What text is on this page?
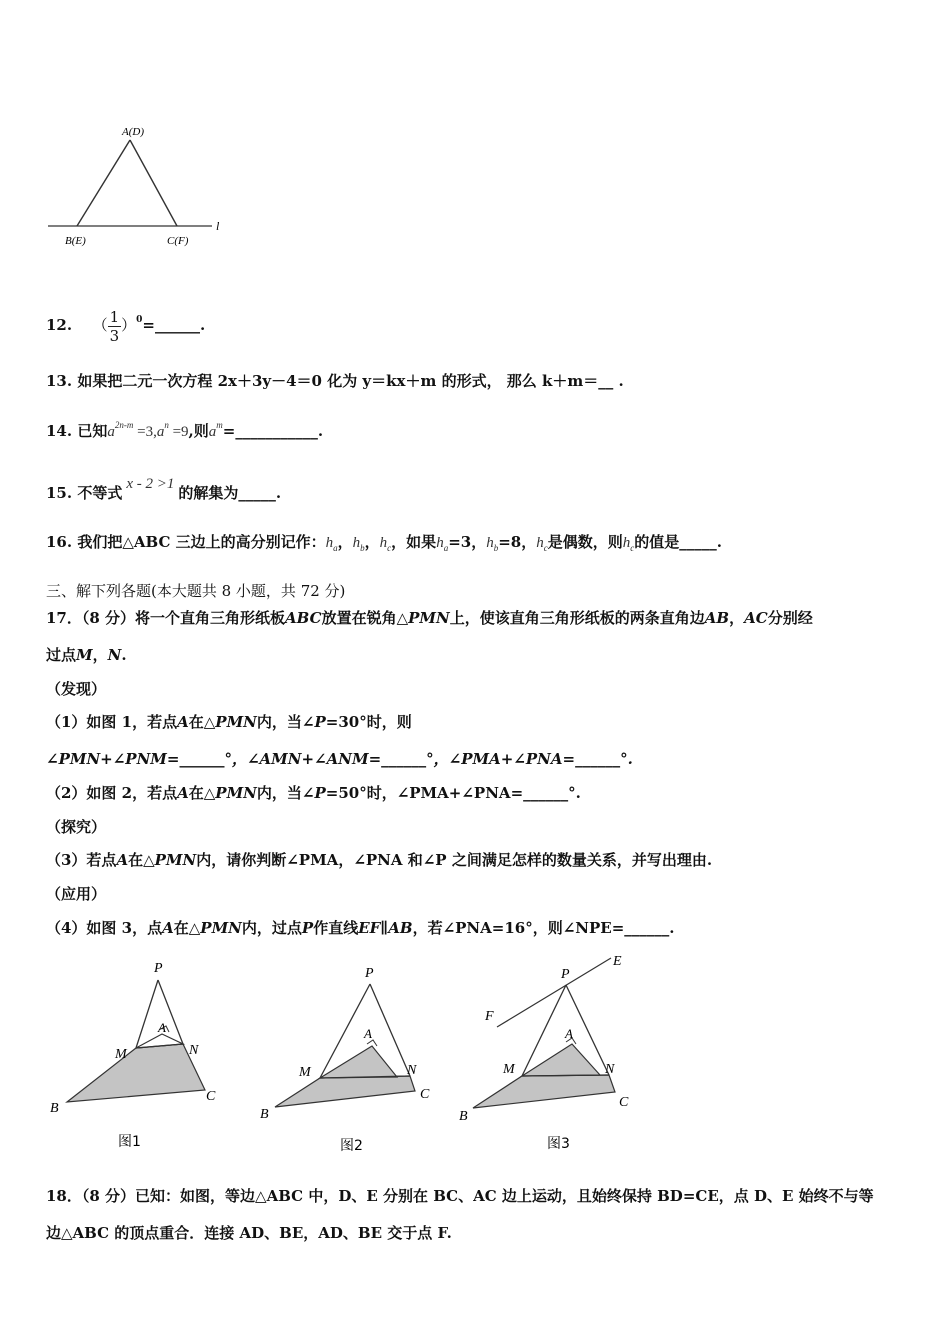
A(D)
B(E)	C(F)
l
12. （ $\frac{1}{3}$ ）$^0$=______.
13. 如果把二元一次方程 2x＋3y－4＝0 化为 y＝kx＋m 的形式， 那么 k＋m＝__ .
14. 已知$a^{2n-m} =3,a^n =9$,则$a^m=\_\_\_\_\_\_\_\_\_\_\_$.
15. 不等式 x - 2 >1 的解集为_____.
16. 我们把△ABC 三边上的高分别记作：$h_a$，$h_b$，$h_c$，如果$h_a=3$，$h_b=8$，$h_c$是偶数，则$h_c$的值是_____.
三、解下列各题(本大题共 8 小题，共 72 分)
17．（8 分）将一个直角三角形纸板ABC放置在锐角△PMN上，使该直角三角形纸板的两条直角边AB，AC分别经
过点M，N.
（发现）
（1）如图 1，若点A在△PMN内，当∠P=30°时，则
∠PMN+∠PNM=______°，∠AMN+∠ANM=______°，∠PMA+∠PNA=______°.
（2）如图 2，若点A在△PMN内，当∠P=50°时，∠PMA+∠PNA=______°.
（探究）
（3）若点A在△PMN内，请你判断∠PMA，∠PNA 和∠P 之间满足怎样的数量关系，并写出理由.
（应用）
（4）如图 3，点A在△PMN内，过点P作直线EF∥AB，若∠PNA=16°，则∠NPE=______.
P
A
M	N
B
C
图1
P
A
M	N
B
C
图2
E
P
F
A
M	N
B
C
图3
18．（8 分）已知：如图，等边△ABC 中，D、E 分别在 BC、AC 边上运动，且始终保持 BD=CE，点 D、E 始终不与等
边△ABC 的顶点重合．连接 AD、BE，AD、BE 交于点 F.
